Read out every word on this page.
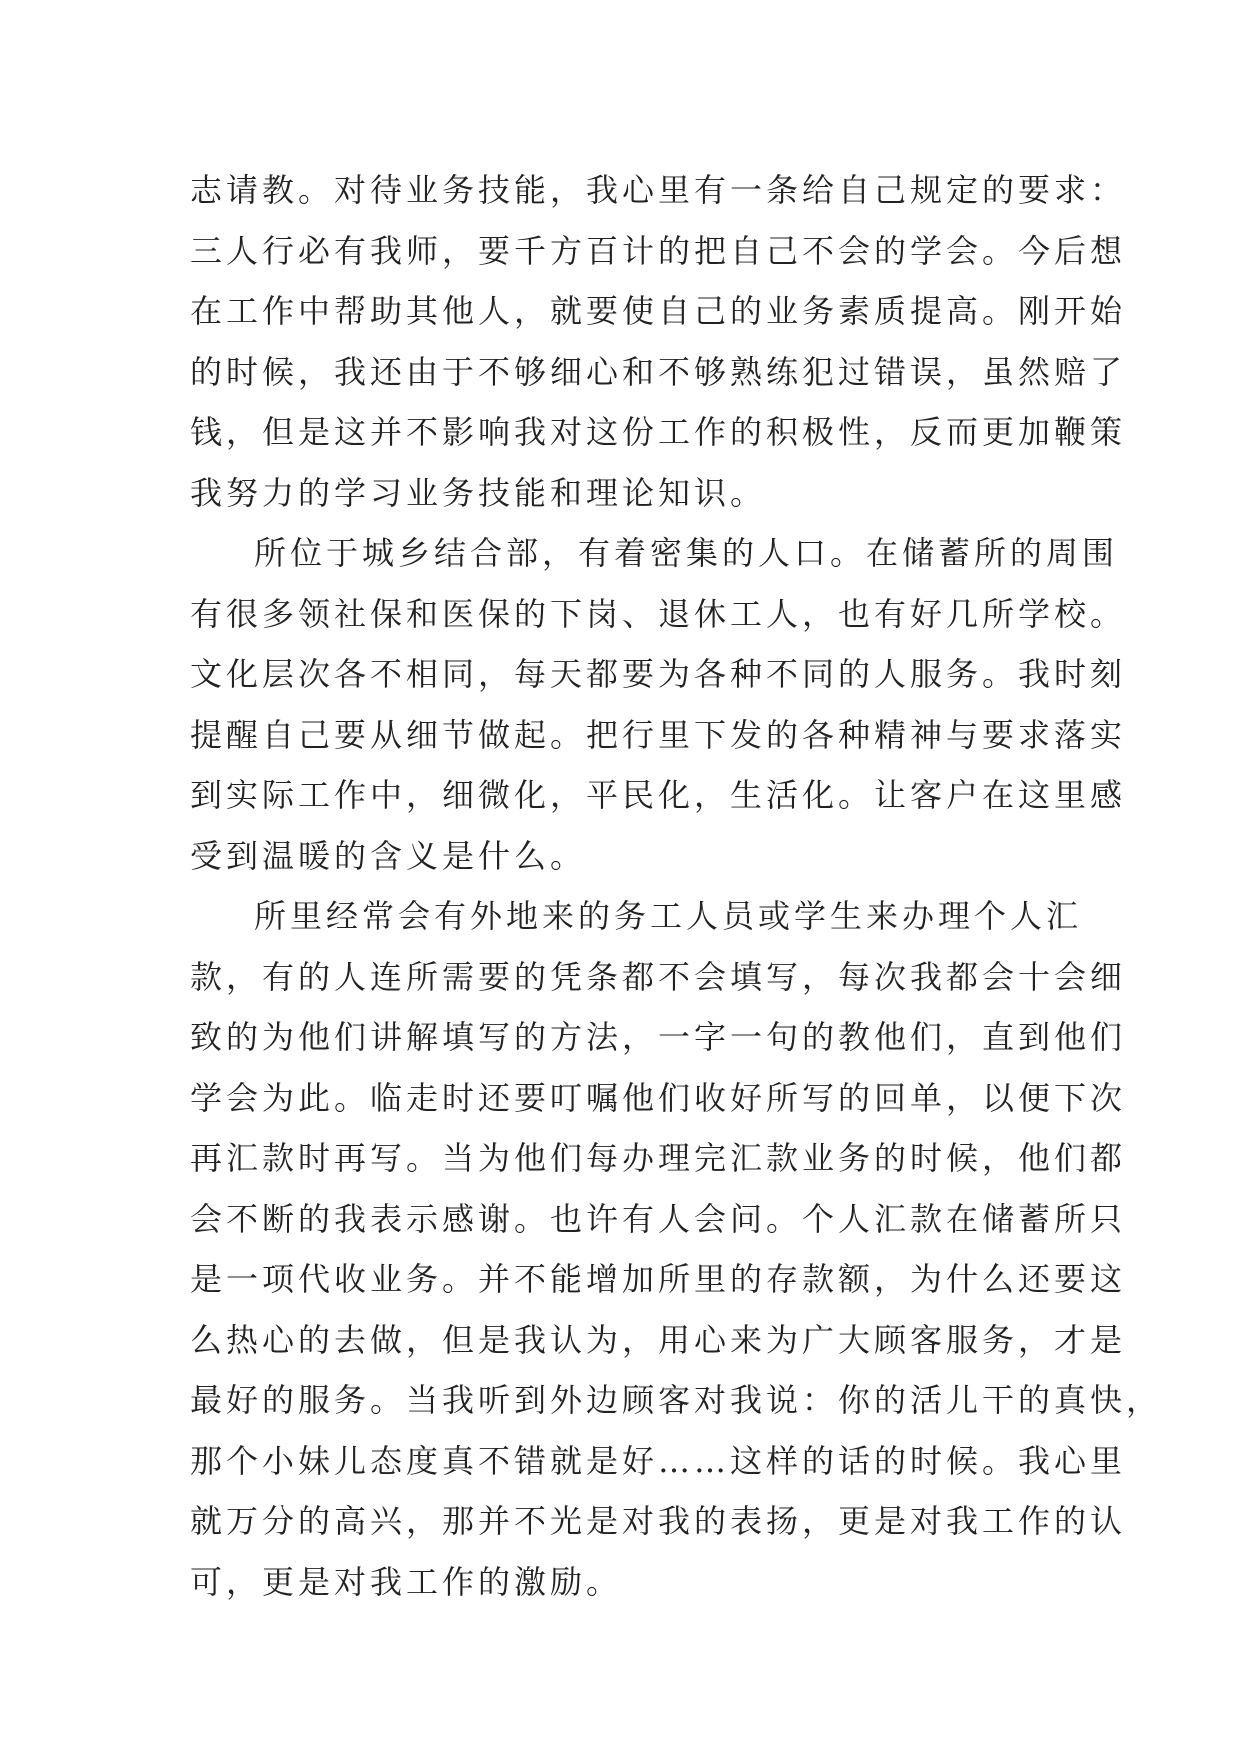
志请教。对待业务技能，我心里有一条给自己规定的要求：
三人行必有我师，要千方百计的把自己不会的学会。今后想
在工作中帮助其他人，就要使自己的业务素质提高。刚开始
的时候，我还由于不够细心和不够熟练犯过错误，虽然赔了
钱，但是这并不影响我对这份工作的积极性，反而更加鞭策
我努力的学习业务技能和理论知识。
所位于城乡结合部，有着密集的人口。在储蓄所的周围
有很多领社保和医保的下岗、退休工人，也有好几所学校。
文化层次各不相同，每天都要为各种不同的人服务。我时刻
提醒自己要从细节做起。把行里下发的各种精神与要求落实
到实际工作中，细微化，平民化，生活化。让客户在这里感
受到温暖的含义是什么。
所里经常会有外地来的务工人员或学生来办理个人汇
款，有的人连所需要的凭条都不会填写，每次我都会十会细
致的为他们讲解填写的方法，一字一句的教他们，直到他们
学会为此。临走时还要叮嘱他们收好所写的回单，以便下次
再汇款时再写。当为他们每办理完汇款业务的时候，他们都
会不断的我表示感谢。也许有人会问。个人汇款在储蓄所只
是一项代收业务。并不能增加所里的存款额，为什么还要这
么热心的去做，但是我认为，用心来为广大顾客服务，才是
最好的服务。当我听到外边顾客对我说：你的活儿干的真快，
那个小妹儿态度真不错就是好……这样的话的时候。我心里
就万分的高兴，那并不光是对我的表扬，更是对我工作的认
可，更是对我工作的激励。
